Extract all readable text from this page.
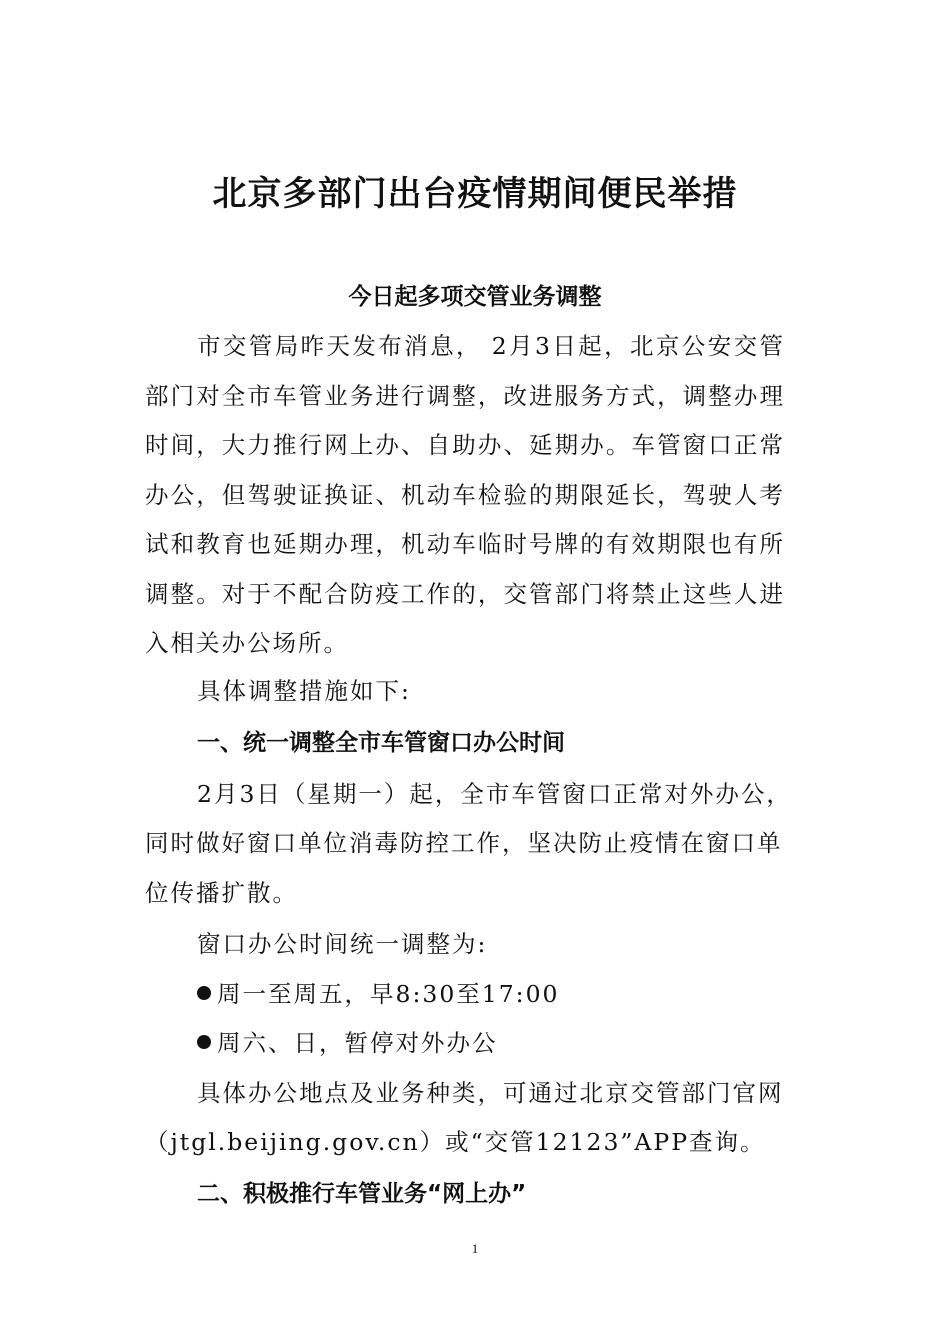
北京多部门出台疫情期间便民举措
今日起多项交管业务调整
市交管局昨天发布消息， 2月3日起，北京公安交管部门对全市车管业务进行调整，改进服务方式，调整办理时间，大力推行网上办、自助办、延期办。车管窗口正常办公，但驾驶证换证、机动车检验的期限延长，驾驶人考试和教育也延期办理，机动车临时号牌的有效期限也有所调整。对于不配合防疫工作的，交管部门将禁止这些人进入相关办公场所。
具体调整措施如下:
一、统一调整全市车管窗口办公时间
2月3日（星期一）起，全市车管窗口正常对外办公，
同时做好窗口单位消毒防控工作，坚决防止疫情在窗口单
位传播扩散。
窗口办公时间统一调整为:
周一至周五，早8:30至17:00
周六、日，暂停对外办公
具体办公地点及业务种类，可通过北京交管部门官网
（jtgl.beijing.gov.cn）或“交管12123”APP查询。
二、积极推行车管业务“网上办”
1
